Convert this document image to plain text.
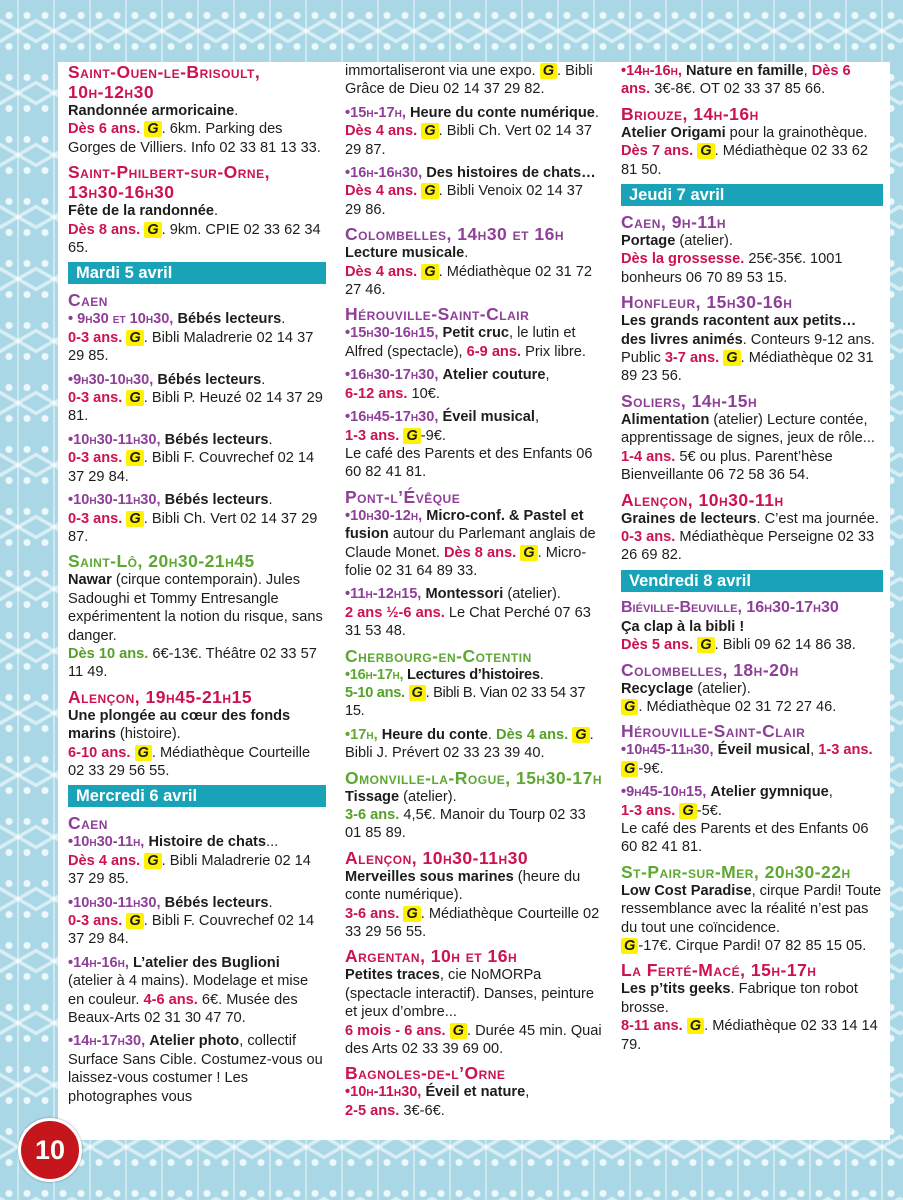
Saint-Ouen-le-Brisoult,

10h-12h30

Randonnée armoricaine.
Dès 6 ans. G . 6km. Parking des Gorges de Villiers. Info 02 33 81 13 33.

Saint-Philbert-sur-Orne,

13h30-16h30

Fête de la randonnée.
Dès 8 ans. G . 9km. CPIE 02 33 62 34 65.

Mardi 5 avril

Caen

• 9h30 et 10h30, Bébés lecteurs.
0-3 ans. G . Bibli Maladrerie 02 14 37 29 85.

•9h30-10h30, Bébés lecteurs.
0-3 ans. G . Bibli P. Heuzé 02 14 37 29 81.

•10h30-11h30, Bébés lecteurs.
0-3 ans. G . Bibli F. Couvrechef 02 14 37 29 84.

•10h30-11h30, Bébés lecteurs.
0-3 ans. G . Bibli Ch. Vert 02 14 37 29 87.

Saint-Lô, 20h30-21h45

Nawar (cirque contemporain). Jules Sadoughi et Tommy Entresangle expérimentent la notion du risque, sans danger.
Dès 10 ans. 6€-13€. Théâtre 02 33 57 11 49.

Alençon, 19h45-21h15

Une plongée au cœur des fonds marins (histoire).
6-10 ans. G . Médiathèque Courteille 02 33 29 56 55.

Mercredi 6 avril

Caen

•10h30-11h, Histoire de chats...
Dès 4 ans. G . Bibli Maladrerie 02 14 37 29 85.

•10h30-11h30, Bébés lecteurs.
0-3 ans. G . Bibli F. Couvrechef 02 14 37 29 84.

•14h-16h, L’atelier des Buglioni (atelier à 4 mains). Modelage et mise en couleur. 4-6 ans. 6€. Musée des Beaux-Arts 02 31 30 47 70.

•14h-17h30, Atelier photo, collectif Surface Sans Cible. Costumez-vous ou laissez-vous costumer ! Les photographes vous

immortaliseront via une expo. G . Bibli Grâce de Dieu 02 14 37 29 82.

•15h-17h, Heure du conte numérique. Dès 4 ans. G . Bibli Ch. Vert 02 14 37 29 87.

•16h-16h30, Des histoires de chats… Dès 4 ans. G . Bibli Venoix 02 14 37 29 86.

Colombelles, 14h30 et 16h

Lecture musicale.
Dès 4 ans. G . Médiathèque 02 31 72 27 46.

Hérouville-Saint-Clair

•15h30-16h15, Petit cruc, le lutin et Alfred (spectacle), 6-9 ans. Prix libre.

•16h30-17h30, Atelier couture,
6-12 ans. 10€.

•16h45-17h30, Éveil musical,
1-3 ans. G -9€.
Le café des Parents et des Enfants 06 60 82 41 81.

Pont-l’Évêque

•10h30-12h, Micro-conf. & Pastel et fusion autour du Parlemant anglais de Claude Monet. Dès 8 ans. G . Micro-folie 02 31 64 89 33.

•11h-12h15, Montessori (atelier).
2 ans ½-6 ans. Le Chat Perché 07 63 31 53 48.

Cherbourg-en-Cotentin

•16h-17h, Lectures d’histoires.
5-10 ans. G . Bibli B. Vian 02 33 54 37 15.

•17h, Heure du conte. Dès 4 ans. G . Bibli J. Prévert 02 33 23 39 40.

Omonville-la-Rogue, 15h30-17h

Tissage (atelier).
3-6 ans. 4,5€. Manoir du Tourp 02 33 01 85 89.

Alençon, 10h30-11h30

Merveilles sous marines (heure du conte numérique).
3-6 ans. G . Médiathèque Courteille 02 33 29 56 55.

Argentan, 10h et 16h

Petites traces, cie NoMORPa (spectacle interactif). Danses, peinture et jeux d’ombre...
6 mois - 6 ans. G . Durée 45 min. Quai des Arts 02 33 39 69 00.

Bagnoles-de-l’Orne

•10h-11h30, Éveil et nature,
2-5 ans. 3€-6€.

•14h-16h, Nature en famille, Dès 6 ans. 3€-8€. OT 02 33 37 85 66.

Briouze, 14h-16h

Atelier Origami pour la grainothèque.
Dès 7 ans. G . Médiathèque 02 33 62 81 50.

Jeudi 7 avril

Caen, 9h-11h

Portage (atelier).
Dès la grossesse. 25€-35€. 1001 bonheurs 06 70 89 53 15.

Honfleur, 15h30-16h

Les grands racontent aux petits… des livres animés. Conteurs 9-12 ans. Public 3-7 ans. G . Médiathèque 02 31 89 23 56.

Soliers, 14h-15h

Alimentation (atelier) Lecture contée, apprentissage de signes, jeux de rôle...
1-4 ans. 5€ ou plus. Parent’hèse Bienveillante 06 72 58 36 54.

Alençon, 10h30-11h

Graines de lecteurs. C’est ma journée.
0-3 ans. Médiathèque Perseigne 02 33 26 69 82.

Vendredi 8 avril

Biéville-Beuville, 16h30-17h30

Ça clap à la bibli !
Dès 5 ans. G . Bibli 09 62 14 86 38.

Colombelles, 18h-20h

Recyclage (atelier).
G . Médiathèque 02 31 72 27 46.

Hérouville-Saint-Clair

•10h45-11h30, Éveil musical, 1-3 ans. G -9€.

•9h45-10h15, Atelier gymnique,
1-3 ans. G -5€.
Le café des Parents et des Enfants 06 60 82 41 81.

St-Pair-sur-Mer, 20h30-22h

Low Cost Paradise, cirque Pardi! Toute ressemblance avec la réalité n’est pas du tout une coïncidence.
G -17€. Cirque Pardi! 07 82 85 15 05.

La Ferté-Macé, 15h-17h

Les p’tits geeks. Fabrique ton robot brosse.
8-11 ans. G . Médiathèque 02 33 14 14 79.

10
